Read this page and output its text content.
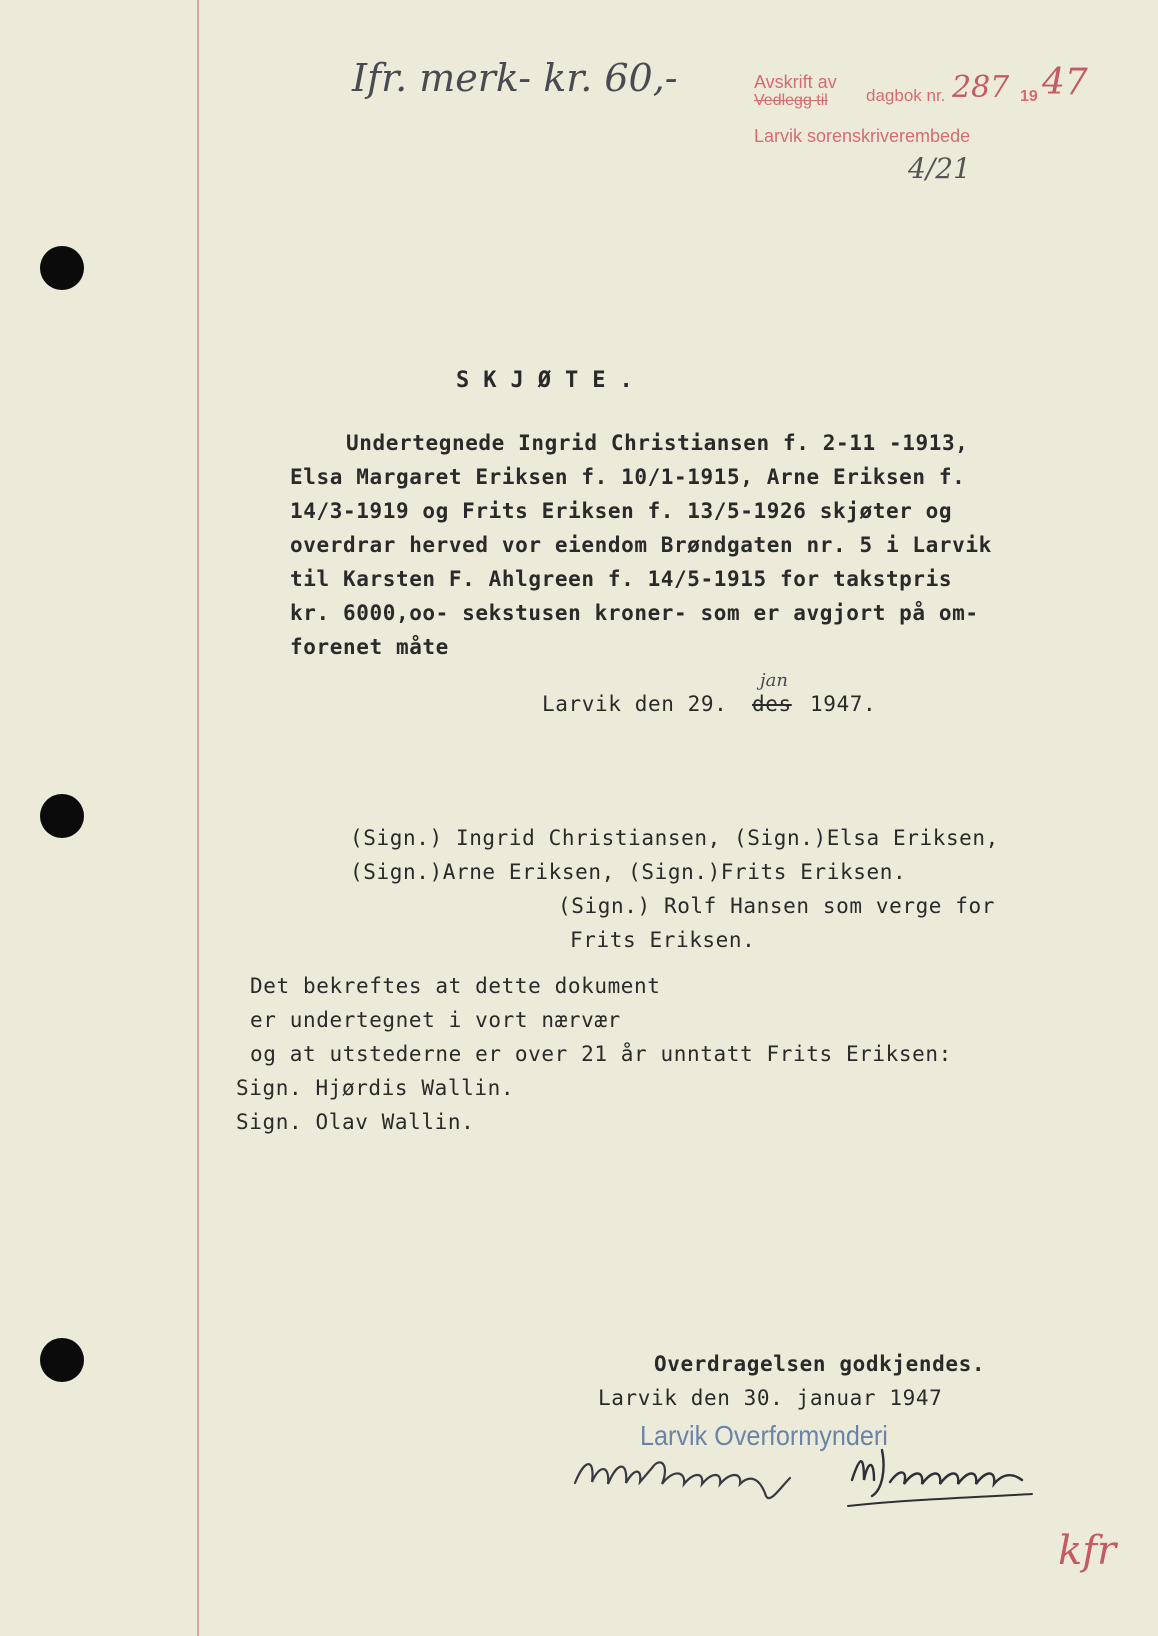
Ifr. merk- kr. 60,-	Avskrift av
Vedlegg til dagbok nr. 287 19 47
Larvik sorenskriverembede
4/21
SKJØTE.
Undertegnede Ingrid Christiansen f. 2-11 -1913,
Elsa Margaret Eriksen f. 10/1-1915, Arne Eriksen f.
14/3-1919 og Frits Eriksen f. 13/5-1926 skjøter og
overdrar herved vor eiendom Brøndgaten nr. 5 i Larvik
til Karsten F. Ahlgreen f. 14/5-1915 for takstpris
kr. 6000,oo- sekstusen kroner- som er avgjort på om-
forenet måte
Larvik den 29. des
jan
1947.
(Sign.) Ingrid Christiansen, (Sign.)Elsa Eriksen,
(Sign.)Arne Eriksen, (Sign.)Frits Eriksen.
(Sign.) Rolf Hansen som verge for
Frits Eriksen.
Det bekreftes at dette dokument
er undertegnet i vort nærvær
og at utstederne er over 21 år unntatt Frits Eriksen:
Sign. Hjørdis Wallin.
Sign. Olav Wallin.
Overdragelsen godkjendes.
Larvik den 30. januar 1947
Larvik Overformynderi
kfr
